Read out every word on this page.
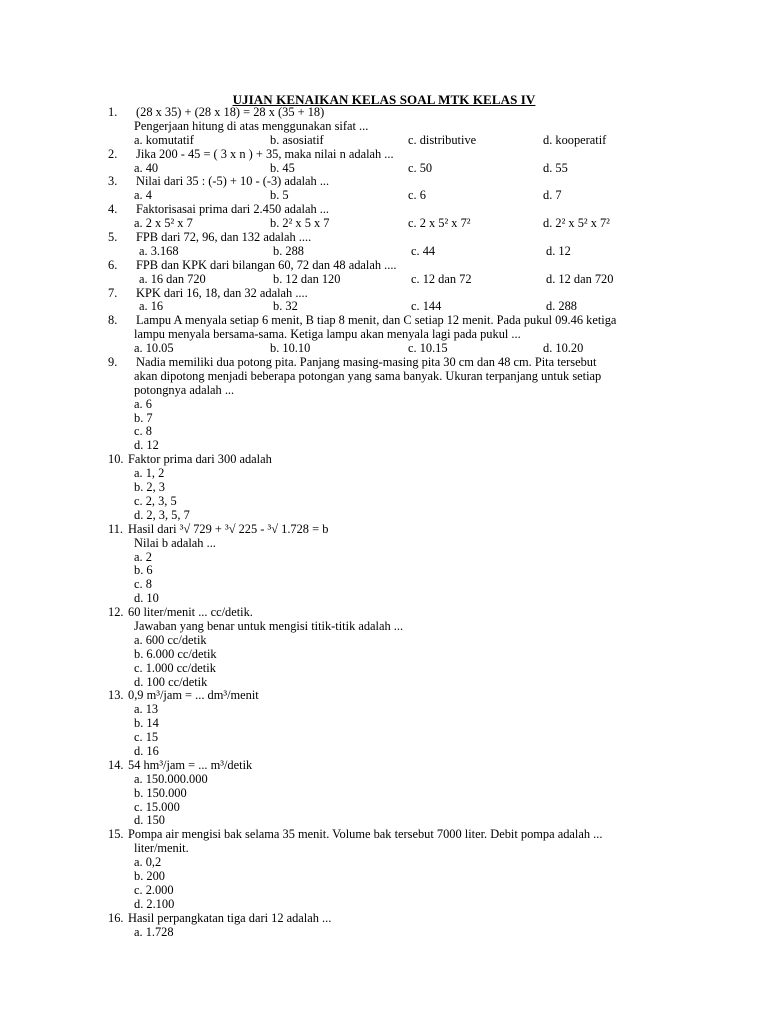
UJIAN KENAIKAN KELAS SOAL MTK KELAS IV
1. (28 x 35) + (28 x 18) = 28 x (35 + 18)
Pengerjaan hitung di atas menggunakan sifat ...
a. komutatif	b. asosiatif	c. distributive	d. kooperatif
2. Jika 200 - 45 = ( 3 x n ) + 35, maka nilai n adalah ...
a. 40	b. 45	c. 50	d. 55
3. Nilai dari 35 : (-5) + 10 - (-3) adalah ...
a. 4	b. 5	c. 6	d. 7
4. Faktorisasai prima dari 2.450 adalah ...
a. 2 x 5² x 7	b. 2² x 5 x 7	c. 2 x 5² x 7²	d. 2² x 5² x 7²
5. FPB dari 72, 96, dan 132 adalah ....
a. 3.168	b. 288	c. 44	d. 12
6. FPB dan KPK dari bilangan 60, 72 dan 48 adalah ....
a. 16 dan 720	b. 12 dan 120	c. 12 dan 72	d. 12 dan 720
7. KPK dari 16, 18, dan 32 adalah ....
a. 16	b. 32	c. 144	d. 288
8. Lampu A menyala setiap 6 menit, B tiap 8 menit, dan C setiap 12 menit. Pada pukul 09.46 ketiga
lampu menyala bersama-sama. Ketiga lampu akan menyala lagi pada pukul ...
a. 10.05	b. 10.10	c. 10.15	d. 10.20
9. Nadia memiliki dua potong pita. Panjang masing-masing pita 30 cm dan 48 cm. Pita tersebut
akan dipotong menjadi beberapa potongan yang sama banyak. Ukuran terpanjang untuk setiap
potongnya adalah ...
a. 6
b. 7
c. 8
d. 12
10. Faktor prima dari 300 adalah
a. 1, 2
b. 2, 3
c. 2, 3, 5
d. 2, 3, 5, 7
11. Hasil dari ³√ 729 + ³√ 225 - ³√ 1.728 = b
Nilai b adalah ...
a. 2
b. 6
c. 8
d. 10
12. 60 liter/menit ... cc/detik.
Jawaban yang benar untuk mengisi titik-titik adalah ...
a. 600 cc/detik
b. 6.000 cc/detik
c. 1.000 cc/detik
d. 100 cc/detik
13. 0,9 m³/jam = ... dm³/menit
a. 13
b. 14
c. 15
d. 16
14. 54 hm³/jam = ... m³/detik
a. 150.000.000
b. 150.000
c. 15.000
d. 150
15. Pompa air mengisi bak selama 35 menit. Volume bak tersebut 7000 liter. Debit pompa adalah ...
liter/menit.
a. 0,2
b. 200
c. 2.000
d. 2.100
16. Hasil perpangkatan tiga dari 12 adalah ...
a. 1.728
